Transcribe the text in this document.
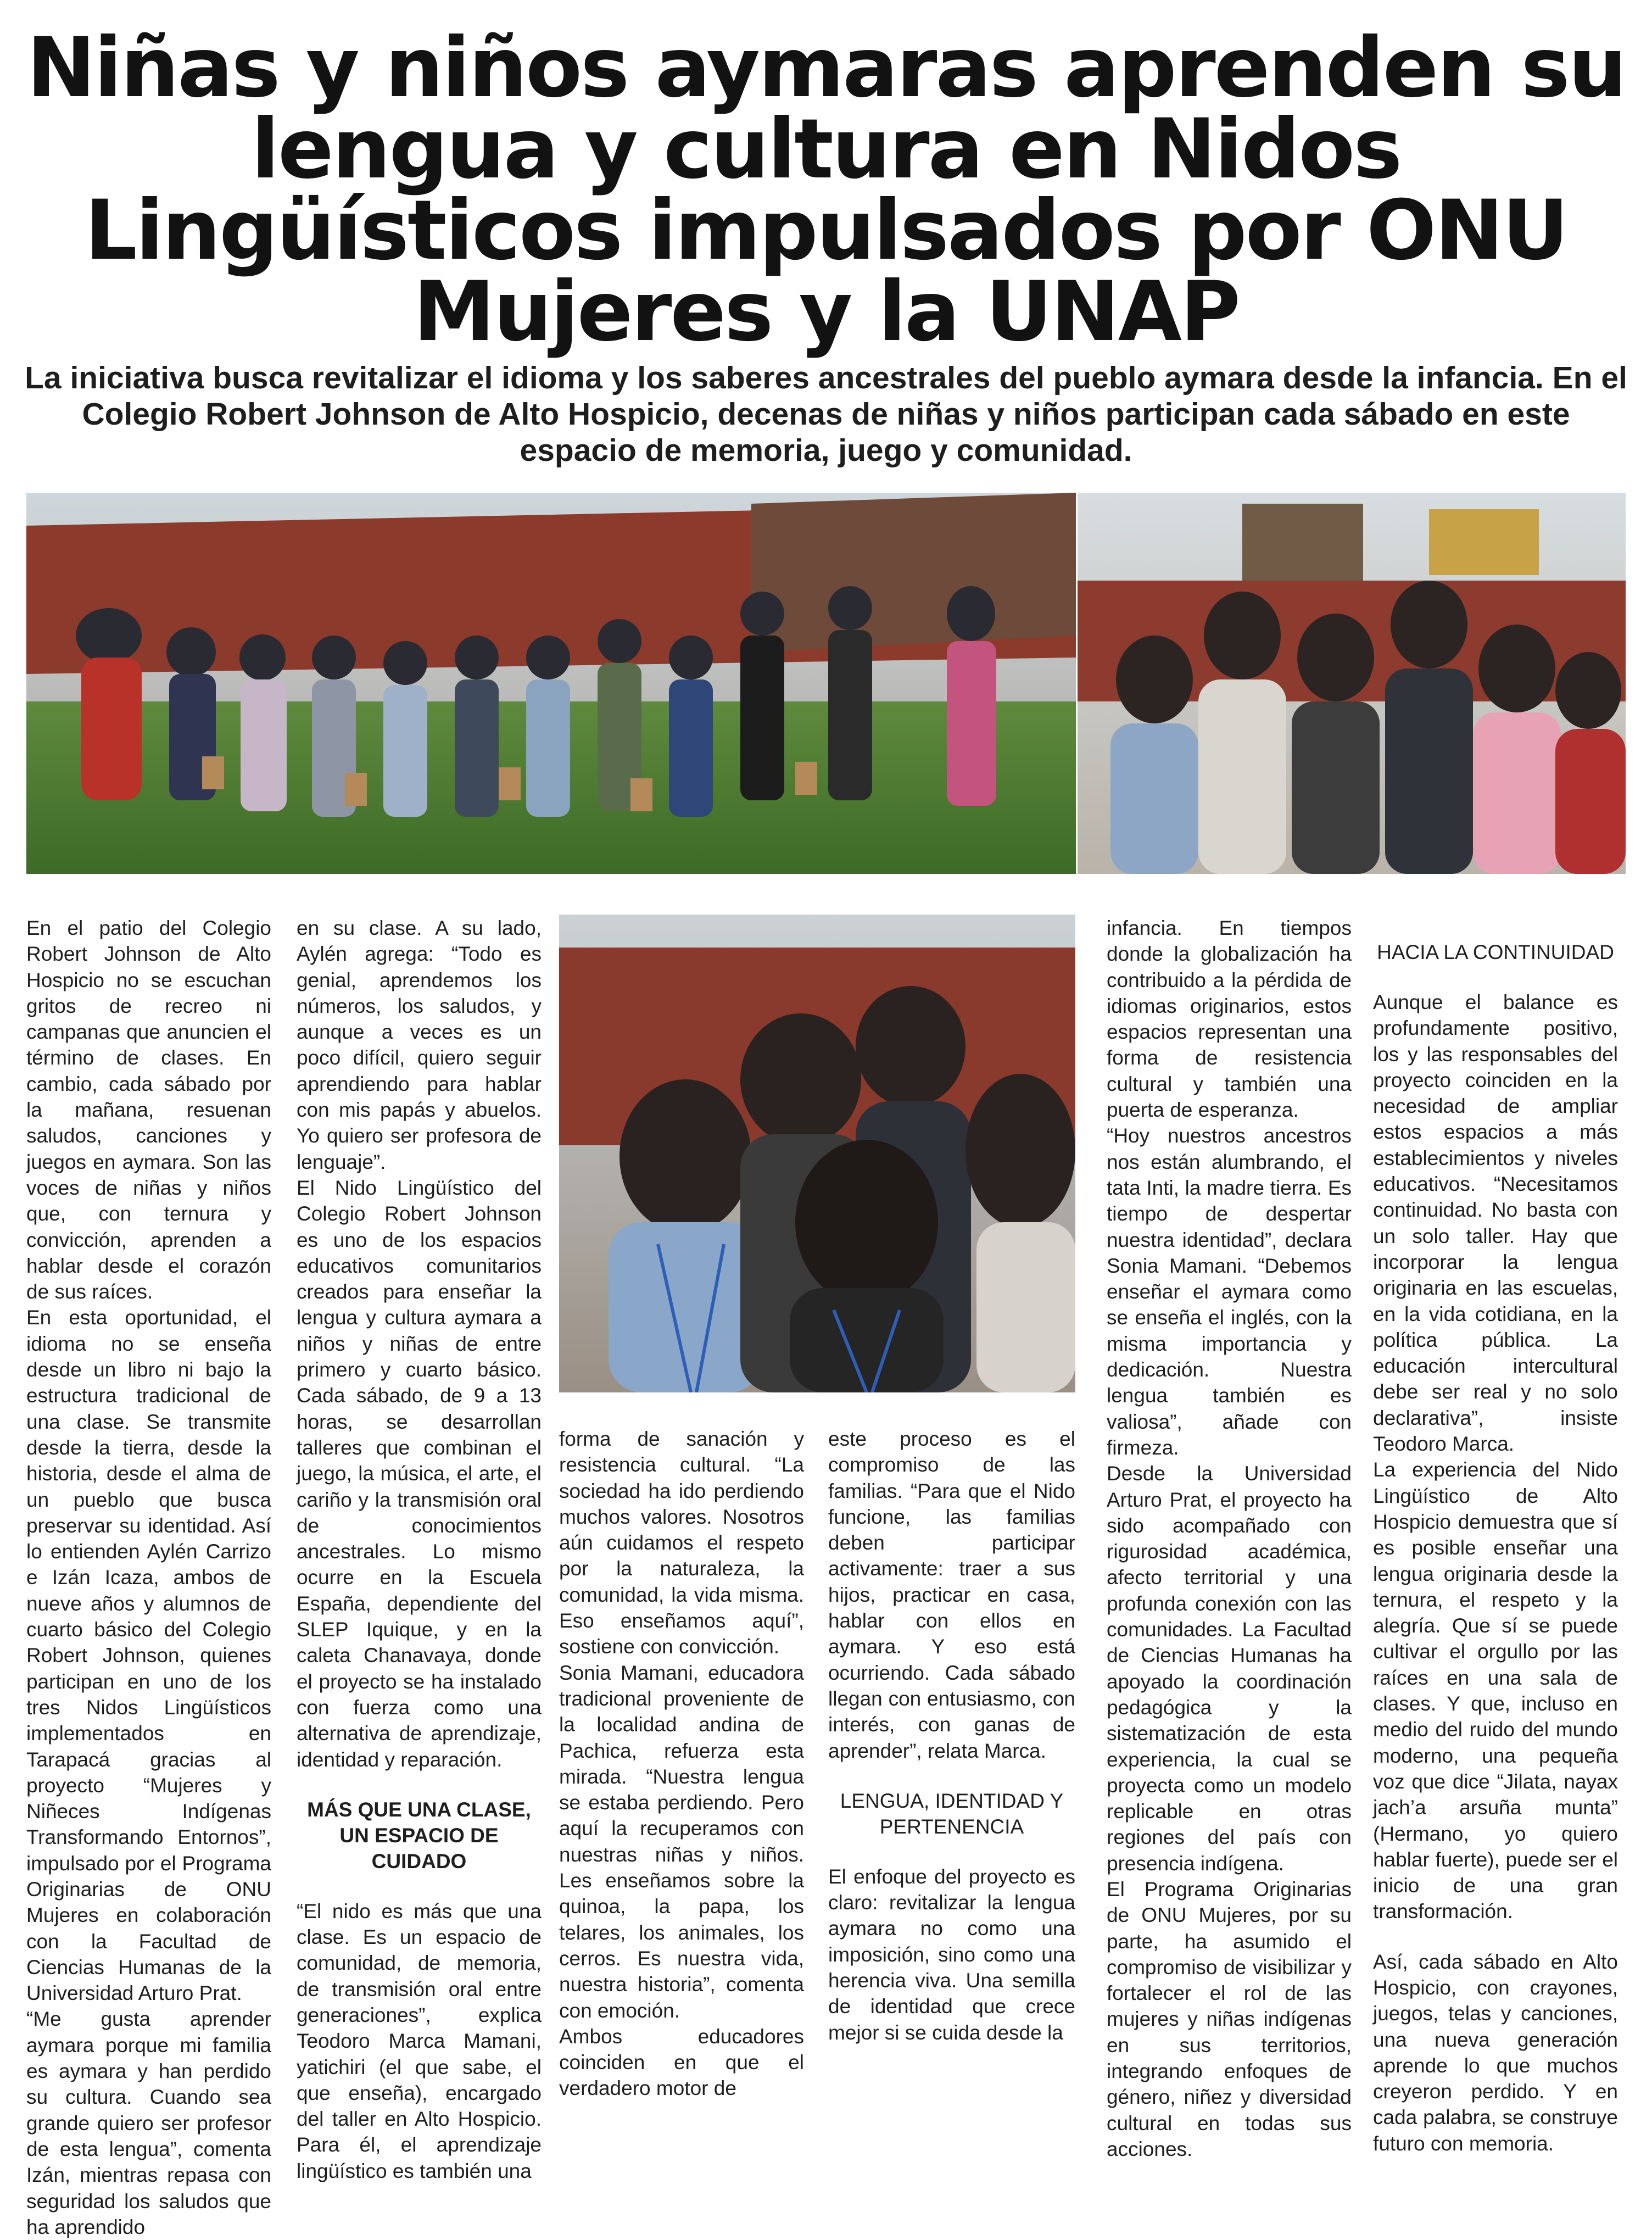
Niñas y niños aymaras aprenden su lengua y cultura en Nidos Lingüísticos impulsados por ONU Mujeres y la UNAP

La iniciativa busca revitalizar el idioma y los saberes ancestrales del pueblo aymara desde la infancia. En el Colegio Robert Johnson de Alto Hospicio, decenas de niñas y niños participan cada sábado en este espacio de memoria, juego y comunidad.

En el patio del Colegio Robert Johnson de Alto Hospicio no se escuchan gritos de recreo ni campanas que anuncien el término de clases. En cambio, cada sábado por la mañana, resuenan saludos, canciones y juegos en aymara. Son las voces de niñas y niños que, con ternura y convicción, aprenden a hablar desde el corazón de sus raíces.

En esta oportunidad, el idioma no se enseña desde un libro ni bajo la estructura tradicional de una clase. Se transmite desde la tierra, desde la historia, desde el alma de un pueblo que busca preservar su identidad. Así lo entienden Aylén Carrizo e Izán Icaza, ambos de nueve años y alumnos de cuarto básico del Colegio Robert Johnson, quienes participan en uno de los tres Nidos Lingüísticos implementados en Tarapacá gracias al proyecto “Mujeres y Niñeces Indígenas Transformando Entornos”, impulsado por el Programa Originarias de ONU Mujeres en colaboración con la Facultad de Ciencias Humanas de la Universidad Arturo Prat.

“Me gusta aprender aymara porque mi familia es aymara y han perdido su cultura. Cuando sea grande quiero ser profesor de esta lengua”, comenta Izán, mientras repasa con seguridad los saludos que ha aprendido

en su clase. A su lado, Aylén agrega: “Todo es genial, aprendemos los números, los saludos, y aunque a veces es un poco difícil, quiero seguir aprendiendo para hablar con mis papás y abuelos. Yo quiero ser profesora de lenguaje”.

El Nido Lingüístico del Colegio Robert Johnson es uno de los espacios educativos comunitarios creados para enseñar la lengua y cultura aymara a niños y niñas de entre primero y cuarto básico. Cada sábado, de 9 a 13 horas, se desarrollan talleres que combinan el juego, la música, el arte, el cariño y la transmisión oral de conocimientos ancestrales. Lo mismo ocurre en la Escuela España, dependiente del SLEP Iquique, y en la caleta Chanavaya, donde el proyecto se ha instalado con fuerza como una alternativa de aprendizaje, identidad y reparación.

MÁS QUE UNA CLASE, UN ESPACIO DE CUIDADO

“El nido es más que una clase. Es un espacio de comunidad, de memoria, de transmisión oral entre generaciones”, explica Teodoro Marca Mamani, yatichiri (el que sabe, el que enseña), encargado del taller en Alto Hospicio. Para él, el aprendizaje lingüístico es también una

forma de sanación y resistencia cultural. “La sociedad ha ido perdiendo muchos valores. Nosotros aún cuidamos el respeto por la naturaleza, la comunidad, la vida misma. Eso enseñamos aquí”, sostiene con convicción.

Sonia Mamani, educadora tradicional proveniente de la localidad andina de Pachica, refuerza esta mirada. “Nuestra lengua se estaba perdiendo. Pero aquí la recuperamos con nuestras niñas y niños. Les enseñamos sobre la quinoa, la papa, los telares, los animales, los cerros. Es nuestra vida, nuestra historia”, comenta con emoción.

Ambos educadores coinciden en que el verdadero motor de

este proceso es el compromiso de las familias. “Para que el Nido funcione, las familias deben participar activamente: traer a sus hijos, practicar en casa, hablar con ellos en aymara. Y eso está ocurriendo. Cada sábado llegan con entusiasmo, con interés, con ganas de aprender”, relata Marca.

LENGUA, IDENTIDAD Y PERTENENCIA

El enfoque del proyecto es claro: revitalizar la lengua aymara no como una imposición, sino como una herencia viva. Una semilla de identidad que crece mejor si se cuida desde la

infancia. En tiempos donde la globalización ha contribuido a la pérdida de idiomas originarios, estos espacios representan una forma de resistencia cultural y también una puerta de esperanza.

“Hoy nuestros ancestros nos están alumbrando, el tata Inti, la madre tierra. Es tiempo de despertar nuestra identidad”, declara Sonia Mamani. “Debemos enseñar el aymara como se enseña el inglés, con la misma importancia y dedicación. Nuestra lengua también es valiosa”, añade con firmeza.

Desde la Universidad Arturo Prat, el proyecto ha sido acompañado con rigurosidad académica, afecto territorial y una profunda conexión con las comunidades. La Facultad de Ciencias Humanas ha apoyado la coordinación pedagógica y la sistematización de esta experiencia, la cual se proyecta como un modelo replicable en otras regiones del país con presencia indígena.

El Programa Originarias de ONU Mujeres, por su parte, ha asumido el compromiso de visibilizar y fortalecer el rol de las mujeres y niñas indígenas en sus territorios, integrando enfoques de género, niñez y diversidad cultural en todas sus acciones.

HACIA LA CONTINUIDAD

Aunque el balance es profundamente positivo, los y las responsables del proyecto coinciden en la necesidad de ampliar estos espacios a más establecimientos y niveles educativos. “Necesitamos continuidad. No basta con un solo taller. Hay que incorporar la lengua originaria en las escuelas, en la vida cotidiana, en la política pública. La educación intercultural debe ser real y no solo declarativa”, insiste Teodoro Marca.

La experiencia del Nido Lingüístico de Alto Hospicio demuestra que sí es posible enseñar una lengua originaria desde la ternura, el respeto y la alegría. Que sí se puede cultivar el orgullo por las raíces en una sala de clases. Y que, incluso en medio del ruido del mundo moderno, una pequeña voz que dice “Jilata, nayax jach’a arsuña munta” (Hermano, yo quiero hablar fuerte), puede ser el inicio de una gran transformación.

Así, cada sábado en Alto Hospicio, con crayones, juegos, telas y canciones, una nueva generación aprende lo que muchos creyeron perdido. Y en cada palabra, se construye futuro con memoria.
